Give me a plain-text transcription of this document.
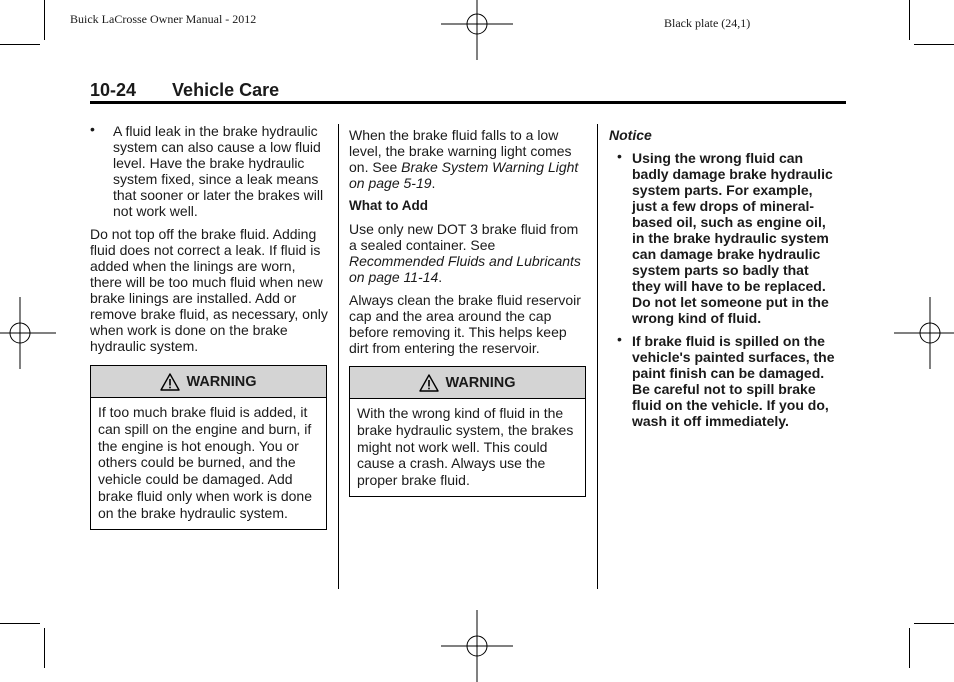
Buick LaCrosse Owner Manual - 2012	Black plate (24,1)
10-24 Vehicle Care
• A fluid leak in the brake hydraulic system can also cause a low fluid level. Have the brake hydraulic system fixed, since a leak means that sooner or later the brakes will not work well.

Do not top off the brake fluid. Adding fluid does not correct a leak. If fluid is added when the linings are worn, there will be too much fluid when new brake linings are installed. Add or remove brake fluid, as necessary, only when work is done on the brake hydraulic system.

WARNING
If too much brake fluid is added, it can spill on the engine and burn, if the engine is hot enough. You or others could be burned, and the vehicle could be damaged. Add brake fluid only when work is done on the brake hydraulic system.

When the brake fluid falls to a low level, the brake warning light comes on. See Brake System Warning Light on page 5-19.

What to Add

Use only new DOT 3 brake fluid from a sealed container. See Recommended Fluids and Lubricants on page 11-14.

Always clean the brake fluid reservoir cap and the area around the cap before removing it. This helps keep dirt from entering the reservoir.

WARNING
With the wrong kind of fluid in the brake hydraulic system, the brakes might not work well. This could cause a crash. Always use the proper brake fluid.
Notice
• Using the wrong fluid can badly damage brake hydraulic system parts. For example, just a few drops of mineral-based oil, such as engine oil, in the brake hydraulic system can damage brake hydraulic system parts so badly that they will have to be replaced. Do not let someone put in the wrong kind of fluid.
• If brake fluid is spilled on the vehicle's painted surfaces, the paint finish can be damaged. Be careful not to spill brake fluid on the vehicle. If you do, wash it off immediately.
